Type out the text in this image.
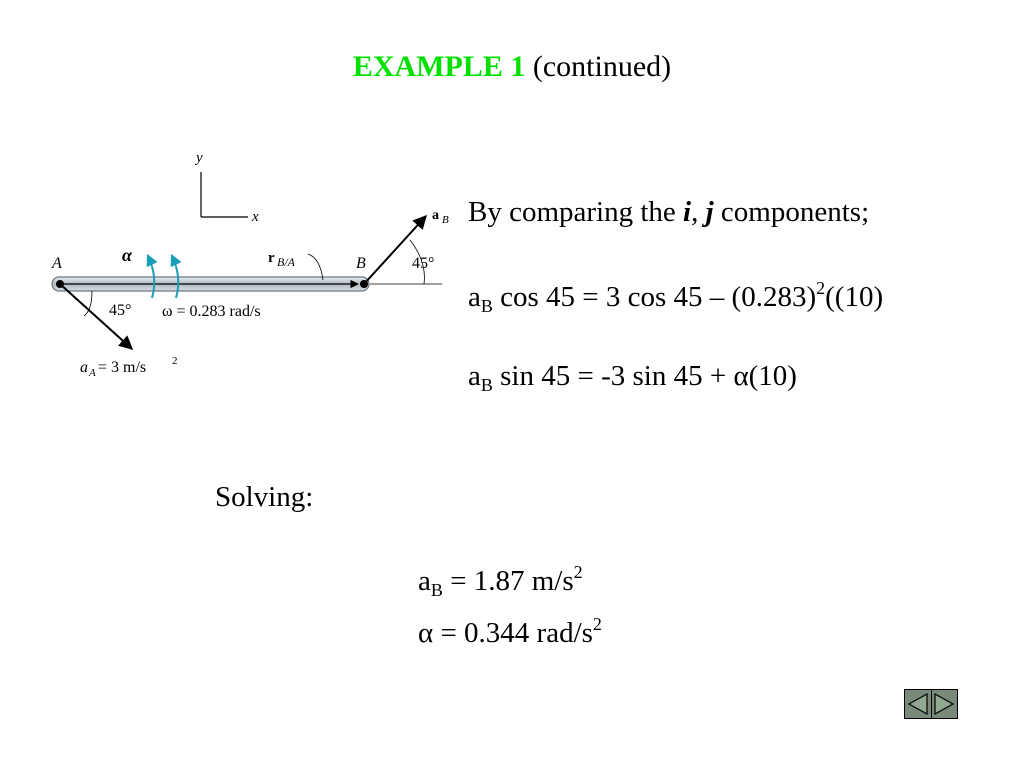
EXAMPLE 1 (continued)
y
x
r B/A
A	B
α
ω = 0.283 rad/s
45°
a B
45°
a A = 3 m/s 2
By comparing the i, j components;
$a_B$ cos 45 = 3 $\cos 45 - (0.283)^2((10)$
$a_B$ sin 45 = -3 sin 45 + α(10)
Solving:
$a_B = 1.87$ $m/s^2$
α = 0.344 rad/$s^2$
